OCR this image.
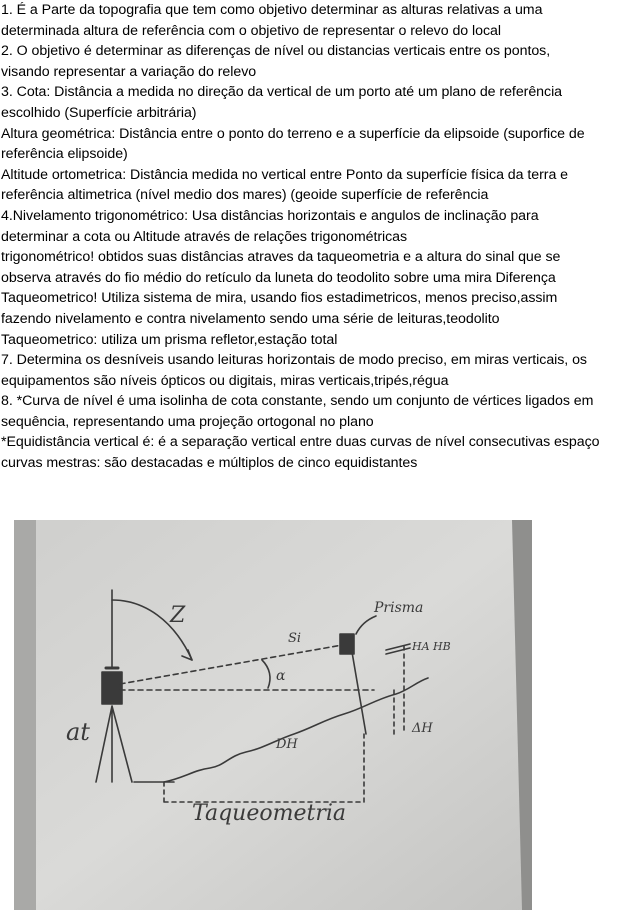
1. É a Parte da topografia que tem como objetivo determinar as alturas relativas a uma
determinada altura de referência com o objetivo de representar o relevo do local
2. O objetivo é determinar as diferenças de nível ou distancias verticais entre os pontos,
visando representar a variação do relevo
3. Cota: Distância a medida no direção da vertical de um porto até um plano de referência
escolhido (Superfície arbitrária)
Altura geométrica: Distância entre o ponto do terreno e a superfície da elipsoide (suporfice de
referência elipsoide)
Altitude ortometrica: Distância medida no vertical entre Ponto da superfície física da terra e
referência altimetrica (nível medio dos mares) (geoide superfície de referência
4.Nivelamento trigonométrico: Usa distâncias horizontais e angulos de inclinação para
determinar a cota ou Altitude através de relações trigonométricas
trigonométrico! obtidos suas distâncias atraves da taqueometria e a altura do sinal que se
observa através do fio médio do retículo da luneta do teodolito sobre uma mira Diferença
Taqueometrico! Utiliza sistema de mira, usando fios estadimetricos, menos preciso,assim
fazendo nivelamento e contra nivelamento sendo uma série de leituras,teodolito
Taqueometrico: utiliza um prisma refletor,estação total
7. Determina os desníveis usando leituras horizontais de modo preciso, em miras verticais, os
equipamentos são níveis ópticos ou digitais, miras verticais,tripés,régua
8. *Curva de nível é uma isolinha de cota constante, sendo um conjunto de vértices ligados em
sequência, representando uma projeção ortogonal no plano
*Equidistância vertical é: é a separação vertical entre duas curvas de nível consecutivas espaço
curvas mestras: são destacadas e múltiplos de cinco equidistantes
Z	Prisma
at
Si
α
DH
ΔH
HA HB
Taqueometria
